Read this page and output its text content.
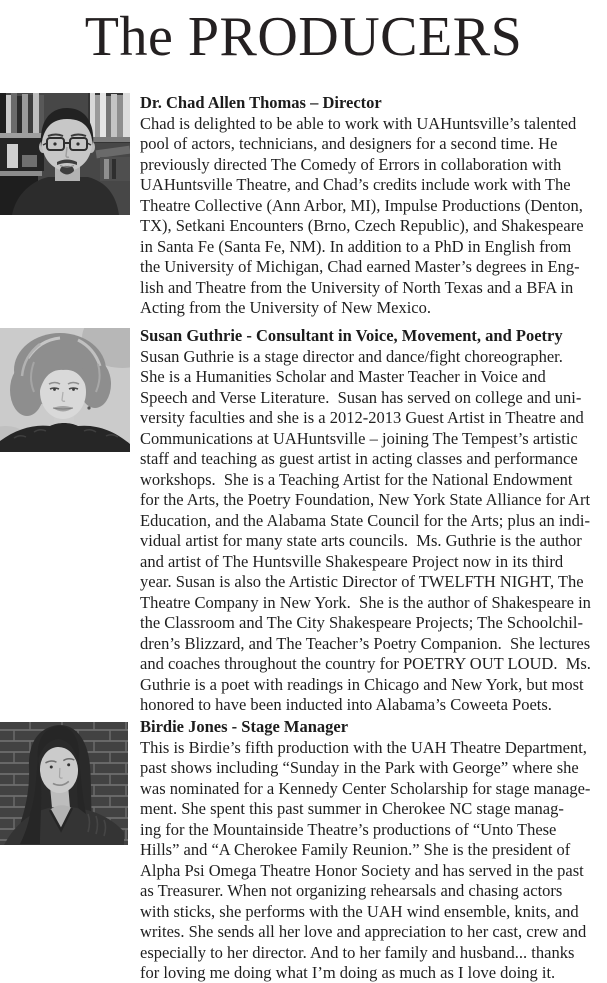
The PRODUCERS
Dr. Chad Allen Thomas – Director
Chad is delighted to be able to work with UAHuntsville’s talented
pool of actors, technicians, and designers for a second time. He
previously directed The Comedy of Errors in collaboration with
UAHuntsville Theatre, and Chad’s credits include work with The
Theatre Collective (Ann Arbor, MI), Impulse Productions (Denton,
TX), Setkani Encounters (Brno, Czech Republic), and Shakespeare
in Santa Fe (Santa Fe, NM). In addition to a PhD in English from
the University of Michigan, Chad earned Master’s degrees in Eng-
lish and Theatre from the University of North Texas and a BFA in
Acting from the University of New Mexico.
Susan Guthrie - Consultant in Voice, Movement, and Poetry
Susan Guthrie is a stage director and dance/fight choreographer.
She is a Humanities Scholar and Master Teacher in Voice and
Speech and Verse Literature.  Susan has served on college and uni-
versity faculties and she is a 2012-2013 Guest Artist in Theatre and
Communications at UAHuntsville – joining The Tempest’s artistic
staff and teaching as guest artist in acting classes and performance
workshops.  She is a Teaching Artist for the National Endowment
for the Arts, the Poetry Foundation, New York State Alliance for Art
Education, and the Alabama State Council for the Arts; plus an indi-
vidual artist for many state arts councils.  Ms. Guthrie is the author
and artist of The Huntsville Shakespeare Project now in its third
year. Susan is also the Artistic Director of TWELFTH NIGHT, The
Theatre Company in New York.  She is the author of Shakespeare in
the Classroom and The City Shakespeare Projects; The Schoolchil-
dren’s Blizzard, and The Teacher’s Poetry Companion.  She lectures
and coaches throughout the country for POETRY OUT LOUD.  Ms.
Guthrie is a poet with readings in Chicago and New York, but most
honored to have been inducted into Alabama’s Coweeta Poets.
Birdie Jones - Stage Manager
This is Birdie’s fifth production with the UAH Theatre Department,
past shows including “Sunday in the Park with George” where she
was nominated for a Kennedy Center Scholarship for stage manage-
ment. She spent this past summer in Cherokee NC stage manag-
ing for the Mountainside Theatre’s productions of “Unto These
Hills” and “A Cherokee Family Reunion.” She is the president of
Alpha Psi Omega Theatre Honor Society and has served in the past
as Treasurer. When not organizing rehearsals and chasing actors
with sticks, she performs with the UAH wind ensemble, knits, and
writes. She sends all her love and appreciation to her cast, crew and
especially to her director. And to her family and husband... thanks
for loving me doing what I’m doing as much as I love doing it.
